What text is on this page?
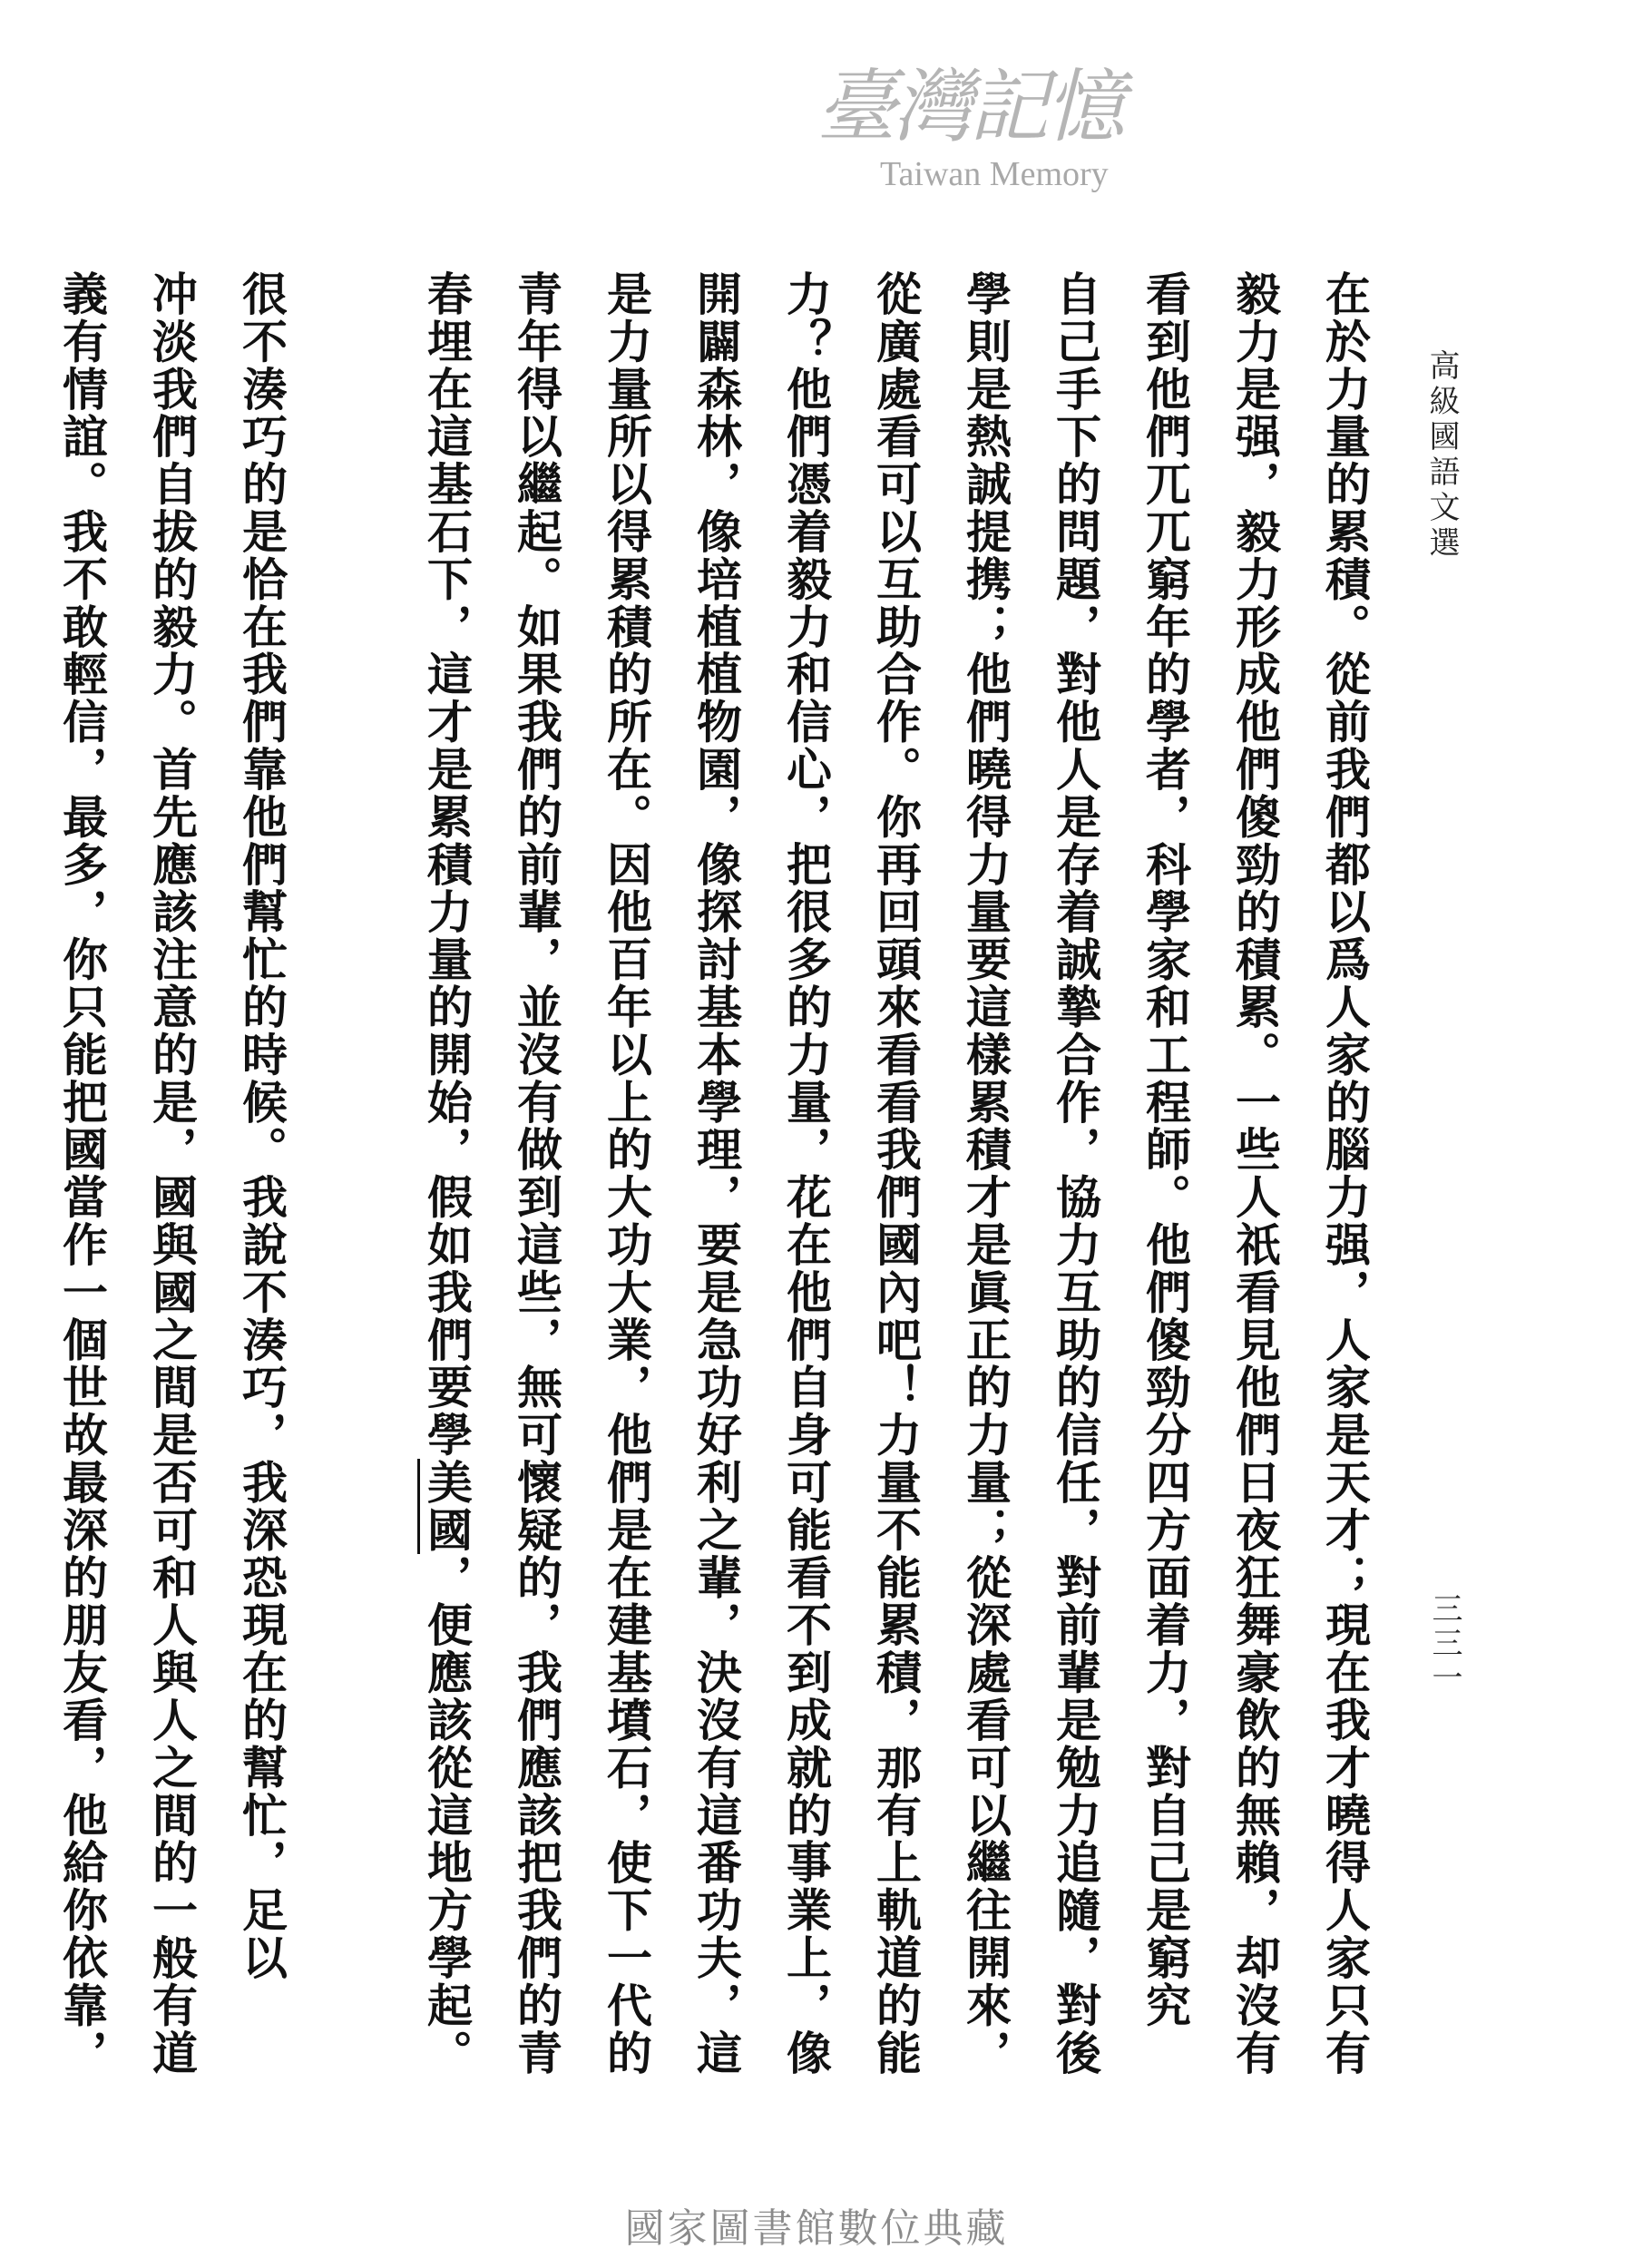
高級國語文選
三三一
在於力量的累積。從前我們都以爲人家的腦力强，人家是天才；現在我才曉得人家只有
毅力是强，毅力形成他們傻勁的積累。一些人祇看見他們日夜狂舞豪飲的無賴，却沒有
看到他們兀兀窮年的學者，科學家和工程師。他們傻勁分四方面着力，對自己是窮究
自己手下的問題，對他人是存着誠摯合作，協力互助的信任，對前輩是勉力追隨，對後
學則是熱誠提携；他們曉得力量要這樣累積才是眞正的力量；從深處看可以繼往開來，
從廣處看可以互助合作。你再回頭來看看我們國內吧！力量不能累積，那有上軌道的能
力？他們憑着毅力和信心，把很多的力量，花在他們自身可能看不到成就的事業上，像
開闢森林，像培植植物園，像探討基本學理，要是急功好利之輩，決沒有這番功夫，這
是力量所以得累積的所在。因他百年以上的大功大業，他們是在建基墳石，使下一代的
青年得以繼起。如果我們的前輩，並沒有做到這些，無可懷疑的，我們應該把我們的青
春埋在這基石下，這才是累積力量的開始，假如我們要學美國，便應該從這地方學起。
很不湊巧的是恰在我們靠他們幫忙的時候。我說不湊巧，我深恐現在的幫忙，足以
冲淡我們自拔的毅力。首先應該注意的是，國與國之間是否可和人與人之間的一般有道
義有情誼。我不敢輕信，最多，你只能把國當作一個世故最深的朋友看，他給你依靠，
臺灣記憶
Taiwan Memory
國家圖書館數位典藏
